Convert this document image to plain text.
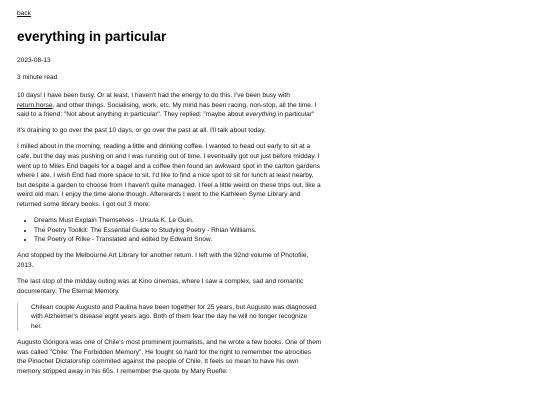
back
everything in particular

2023-08-13

3 minute read

10 days! I have been busy. Or at least, I haven't had the energy to do this. I've been busy with return.horse, and other things. Socialising, work, etc. My mind has been racing, non-stop, all the time. I said to a friend: "Not about anything in particular". They replied: "maybe about everything in particular"

It's draining to go over the past 10 days, or go over the past at all. I'll talk about today.

I milled about in the morning, reading a little and drinking coffee. I wanted to head out early to sit at a cafe, but the day was pushing on and I was running out of time. I eventually got out just before midday. I went up to Miles End bagels for a bagel and a coffee then found an awkward spot in the carlton gardens where I ate. I wish End had more space to sit. I'd like to find a nice spot to sit for lunch at least nearby, but despite a garden to choose from I haven't quite managed. I feel a little weird on these trips out, like a weird old man. I enjoy the time alone though. Afterwards I went to the Kathleen Syme Library and returned some library books. I got out 3 more:

• Dreams Must Explain Themselves - Ursula K. Le Guin.
• The Poetry Toolkit: The Essential Guide to Studying Poetry - Rhian Williams.
• The Poetry of Rilke - Translated and edited by Edward Snow.

And stopped by the Melbourne Art Library for another return. I left with the 92nd volume of Photofile, 2013.

The last stop of the midday outing was at Kino cinemas, where I saw a complex, sad and romantic documentary: The Eternal Memory.

Chilean couple Augusto and Paulina have been together for 25 years, but Augusto was diagnosed with Alzheimer's disease eight years ago. Both of them fear the day he will no longer recognize her.

Augusto Góngora was one of Chile's most prominent journalists, and he wrote a few books. One of them was called "Chile: The Forbidden Memory". He fought so hard for the right to remember the atrocities the Pinochet Dictatorship commited against the people of Chile. It feels so mean to have his own memory stripped away in his 60s. I remember the quote by Mary Ruefle:
